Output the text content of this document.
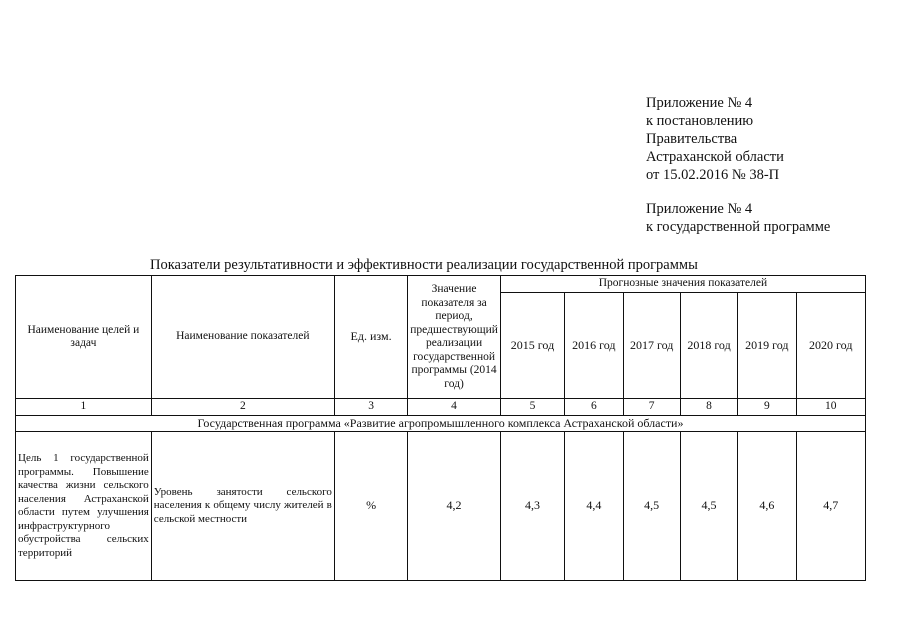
Приложение № 4
к постановлению
Правительства
Астраханской области
от 15.02.2016 № 38-П
Приложение № 4
к государственной программе
Показатели результативности и эффективности реализации государственной программы
Наименование целей и задач	Наименование показателей	Ед. изм.	Значение показателя за период, предшествующий реализации государственной программы (2014 год)	Прогнозные значения показателей					
				2015 год	2016 год	2017 год	2018 год	2019 год	2020 год
1	2	3	4	5	6	7	8	9	10
Государственная программа «Развитие агропромышленного комплекса Астраханской области»									
Цель 1 государственной программы. Повышение качества жизни сельского населения Астраханской области путем улучшения инфраструктурного обустройства сельских территорий	Уровень занятости сельского населения к общему числу жителей в сельской местности	%	4,2	4,3	4,4	4,5	4,5	4,6	4,7
